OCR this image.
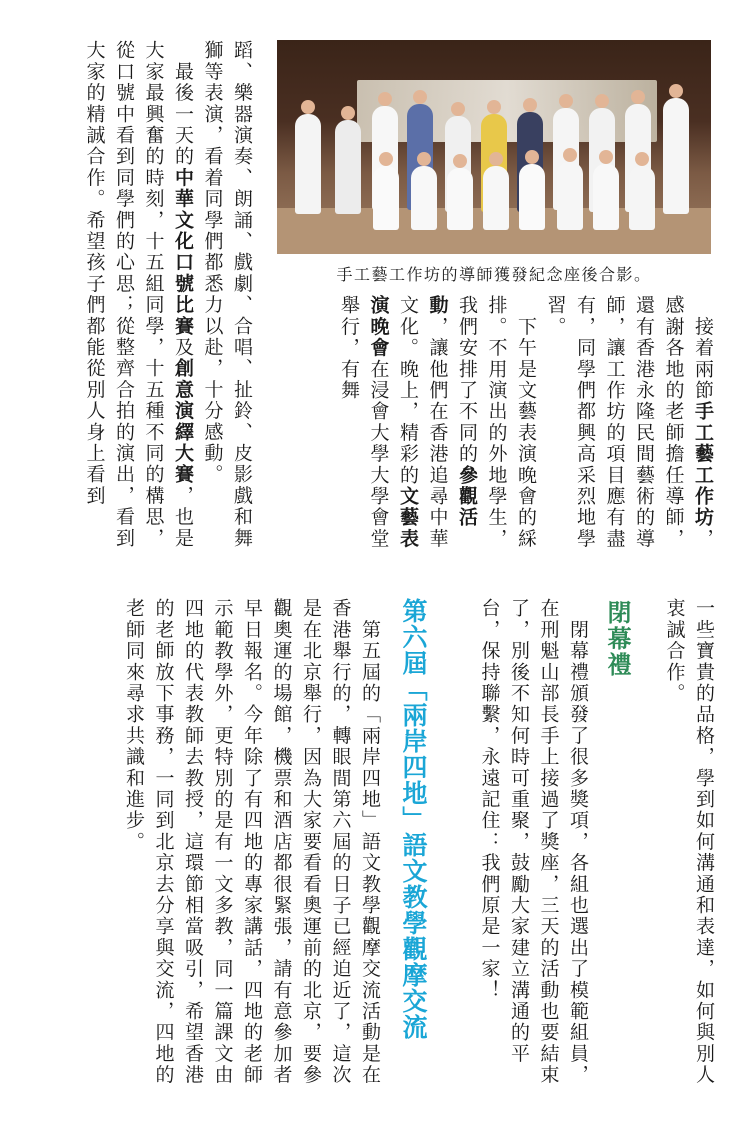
手工藝工作坊的導師獲發紀念座後合影。

　接着兩節手工藝工作坊，感謝各地的老師擔任導師，還有香港永隆民間藝術的導師，讓工作坊的項目應有盡有，同學們都興高采烈地學習。

　下午是文藝表演晚會的綵排。不用演出的外地學生，我們安排了不同的參觀活動，讓他們在香港追尋中華文化。晚上，精彩的文藝表演晚會在浸會大學大學會堂舉行，有舞

蹈、樂器演奏、朗誦、戲劇、合唱、扯鈴、皮影戲和舞獅等表演，看着同學們都悉力以赴，十分感動。

　最後一天的中華文化口號比賽及創意演繹大賽，也是大家最興奮的時刻，十五組同學，十五種不同的構思，從口號中看到同學們的心思；從整齊合拍的演出，看到大家的精誠合作。希望孩子們都能從別人身上看到

一些寶貴的品格，學到如何溝通和表達，如何與別人衷誠合作。
閉幕禮

　閉幕禮頒發了很多獎項，各組也選出了模範組員，在刑魁山部長手上接過了獎座，三天的活動也要結束了，別後不知何時可重聚，鼓勵大家建立溝通的平台，保持聯繫，永遠記住：我們原是一家！

第六屆「兩岸四地」語文教學觀摩交流

　第五屆的「兩岸四地」語文教學觀摩交流活動是在香港舉行的，轉眼間第六屆的日子已經迫近了，這次是在北京舉行，因為大家要看看奧運前的北京，要參觀奧運的場館，機票和酒店都很緊張，請有意參加者早日報名。今年除了有四地的專家講話，四地的老師示範教學外，更特別的是有一文多教，同一篇課文由四地的代表教師去教授，這環節相當吸引，希望香港的老師放下事務，一同到北京去分享與交流，四地的老師同來尋求共識和進步。
